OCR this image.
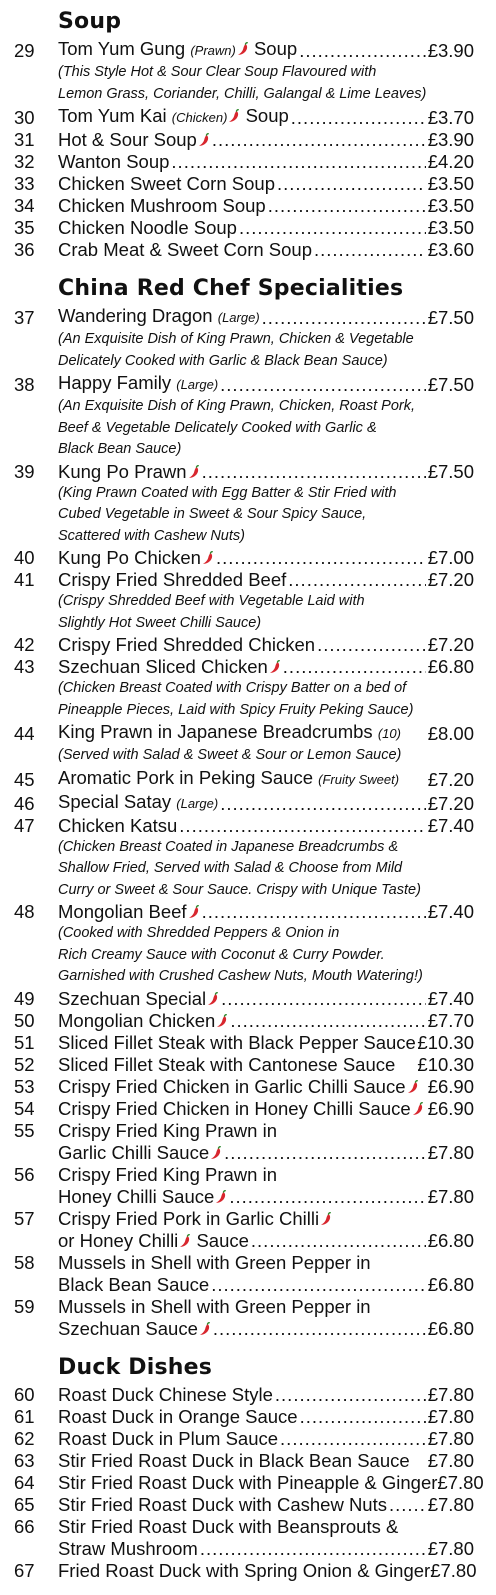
Soup
29	Tom Yum Gung (Prawn) Soup .....	£3.90
(This Style Hot & Sour Clear Soup Flavoured with
Lemon Grass, Coriander, Chilli, Galangal & Lime Leaves)
30	Tom Yum Kai (Chicken) Soup .....	£3.70
31	Hot & Sour Soup .....	£3.90
32	Wanton Soup .....	£4.20
33	Chicken Sweet Corn Soup .....	£3.50
34	Chicken Mushroom Soup .....	£3.50
35	Chicken Noodle Soup .....	£3.50
36	Crab Meat & Sweet Corn Soup .....	£3.60
China Red Chef Specialities
37	Wandering Dragon (Large) .....	£7.50
(An Exquisite Dish of King Prawn, Chicken & Vegetable
Delicately Cooked with Garlic & Black Bean Sauce)
38	Happy Family (Large) .....	£7.50
(An Exquisite Dish of King Prawn, Chicken, Roast Pork,
Beef & Vegetable Delicately Cooked with Garlic &
Black Bean Sauce)
39	Kung Po Prawn .....	£7.50
(King Prawn Coated with Egg Batter & Stir Fried with
Cubed Vegetable in Sweet & Sour Spicy Sauce,
Scattered with Cashew Nuts)
40	Kung Po Chicken .....	£7.00
41	Crispy Fried Shredded Beef .....	£7.20
(Crispy Shredded Beef with Vegetable Laid with
Slightly Hot Sweet Chilli Sauce)
42	Crispy Fried Shredded Chicken .....	£7.20
43	Szechuan Sliced Chicken .....	£6.80
(Chicken Breast Coated with Crispy Batter on a bed of
Pineapple Pieces, Laid with Spicy Fruity Peking Sauce)
44	King Prawn in Japanese Breadcrumbs (10) £8.00
(Served with Salad & Sweet & Sour or Lemon Sauce)
45	Aromatic Pork in Peking Sauce (Fruity Sweet) £7.20
46	Special Satay (Large) .....	£7.20
47	Chicken Katsu .....	£7.40
(Chicken Breast Coated in Japanese Breadcrumbs &
Shallow Fried, Served with Salad & Choose from Mild
Curry or Sweet & Sour Sauce. Crispy with Unique Taste)
48	Mongolian Beef .....	£7.40
(Cooked with Shredded Peppers & Onion in
Rich Creamy Sauce with Coconut & Curry Powder.
Garnished with Crushed Cashew Nuts, Mouth Watering!)
49	Szechuan Special .....	£7.40
50	Mongolian Chicken .....	£7.70
51	Sliced Fillet Steak with Black Pepper Sauce £10.30
52	Sliced Fillet Steak with Cantonese Sauce £10.30
53	Crispy Fried Chicken in Garlic Chilli Sauce	£6.90
54	Crispy Fried Chicken in Honey Chilli Sauce £6.90
55	Crispy Fried King Prawn in
Garlic Chilli Sauce .....	£7.80
56	Crispy Fried King Prawn in
Honey Chilli Sauce .....	£7.80
57	Crispy Fried Pork in Garlic Chilli
or Honey Chilli Sauce .....	£6.80
58	Mussels in Shell with Green Pepper in
Black Bean Sauce .....	£6.80
59	Mussels in Shell with Green Pepper in
Szechuan Sauce .....	£6.80
Duck Dishes
60	Roast Duck Chinese Style .....	£7.80
61	Roast Duck in Orange Sauce .....	£7.80
62	Roast Duck in Plum Sauce .....	£7.80
63	Stir Fried Roast Duck in Black Bean Sauce £7.80
64	Stir Fried Roast Duck with Pineapple & Ginger £7.80
65	Stir Fried Roast Duck with Cashew Nuts ..... £7.80
66	Stir Fried Roast Duck with Beansprouts &
Straw Mushroom .....	£7.80
67	Fried Roast Duck with Spring Onion & Ginger £7.80
